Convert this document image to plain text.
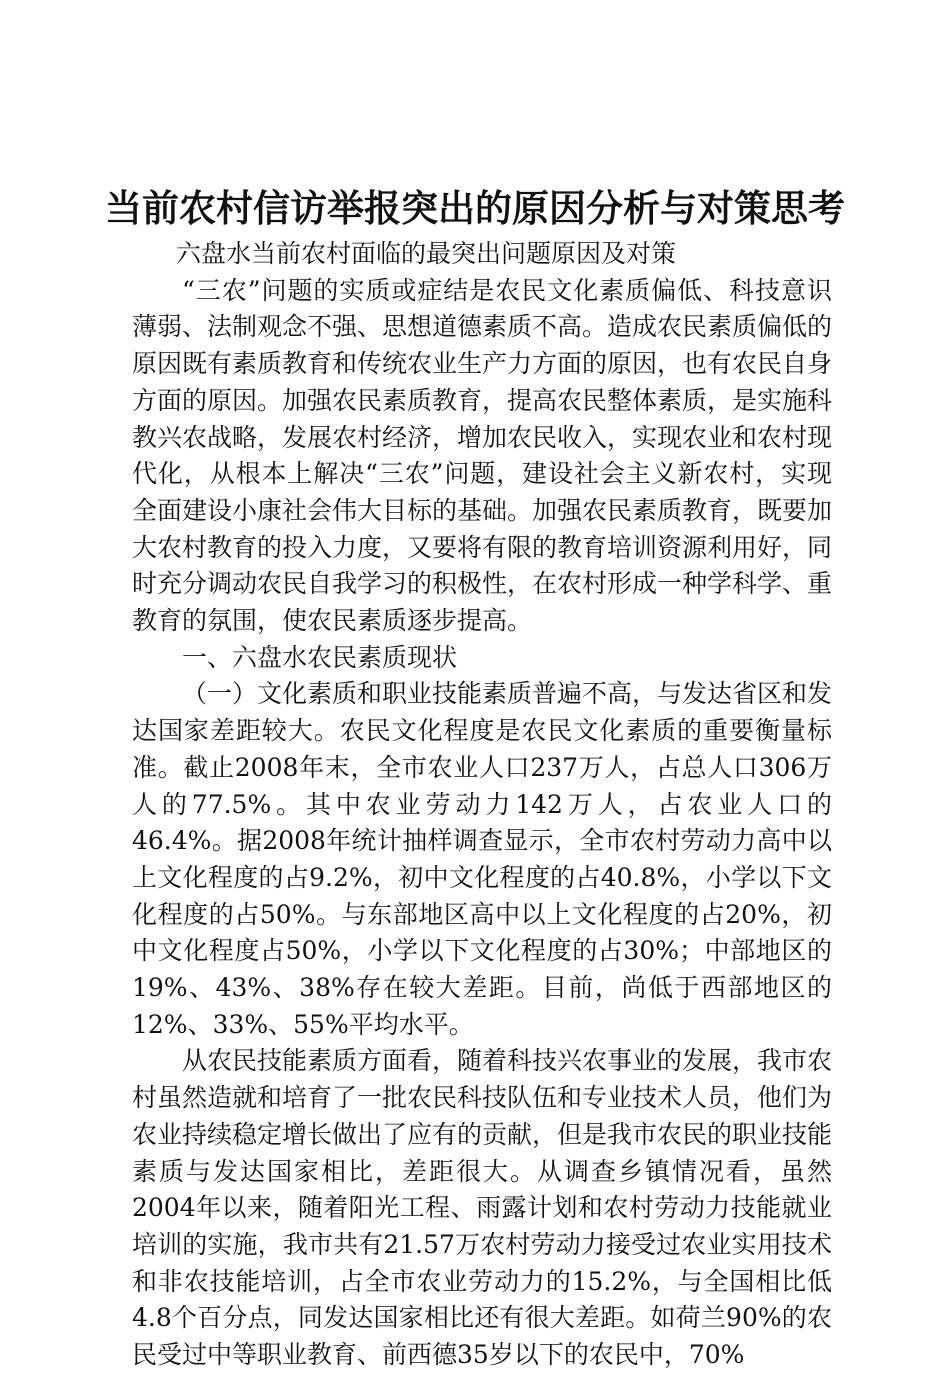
当前农村信访举报突出的原因分析与对策思考

六盘水当前农村面临的最突出问题原因及对策

“三农”问题的实质或症结是农民文化素质偏低、科技意识薄弱、法制观念不强、思想道德素质不高。造成农民素质偏低的原因既有素质教育和传统农业生产力方面的原因，也有农民自身方面的原因。加强农民素质教育，提高农民整体素质，是实施科教兴农战略，发展农村经济，增加农民收入，实现农业和农村现代化，从根本上解决“三农”问题，建设社会主义新农村，实现全面建设小康社会伟大目标的基础。加强农民素质教育，既要加大农村教育的投入力度，又要将有限的教育培训资源利用好，同时充分调动农民自我学习的积极性，在农村形成一种学科学、重教育的氛围，使农民素质逐步提高。

一、六盘水农民素质现状

（一）文化素质和职业技能素质普遍不高，与发达省区和发达国家差距较大。农民文化程度是农民文化素质的重要衡量标准。截止2008年末，全市农业人口237万人，占总人口306万人的77.5%。其中农业劳动力142万人，占农业人口的46.4%。据2008年统计抽样调查显示，全市农村劳动力高中以上文化程度的占9.2%，初中文化程度的占40.8%，小学以下文化程度的占50%。与东部地区高中以上文化程度的占20%，初中文化程度占50%，小学以下文化程度的占30%；中部地区的19%、43%、38%存在较大差距。目前，尚低于西部地区的12%、33%、55%平均水平。

从农民技能素质方面看，随着科技兴农事业的发展，我市农村虽然造就和培育了一批农民科技队伍和专业技术人员，他们为农业持续稳定增长做出了应有的贡献，但是我市农民的职业技能素质与发达国家相比，差距很大。从调查乡镇情况看，虽然2004年以来，随着阳光工程、雨露计划和农村劳动力技能就业培训的实施，我市共有21.57万农村劳动力接受过农业实用技术和非农技能培训，占全市农业劳动力的15.2%，与全国相比低4.8个百分点，同发达国家相比还有很大差距。如荷兰90%的农民受过中等职业教育、前西德35岁以下的农民中，70%
